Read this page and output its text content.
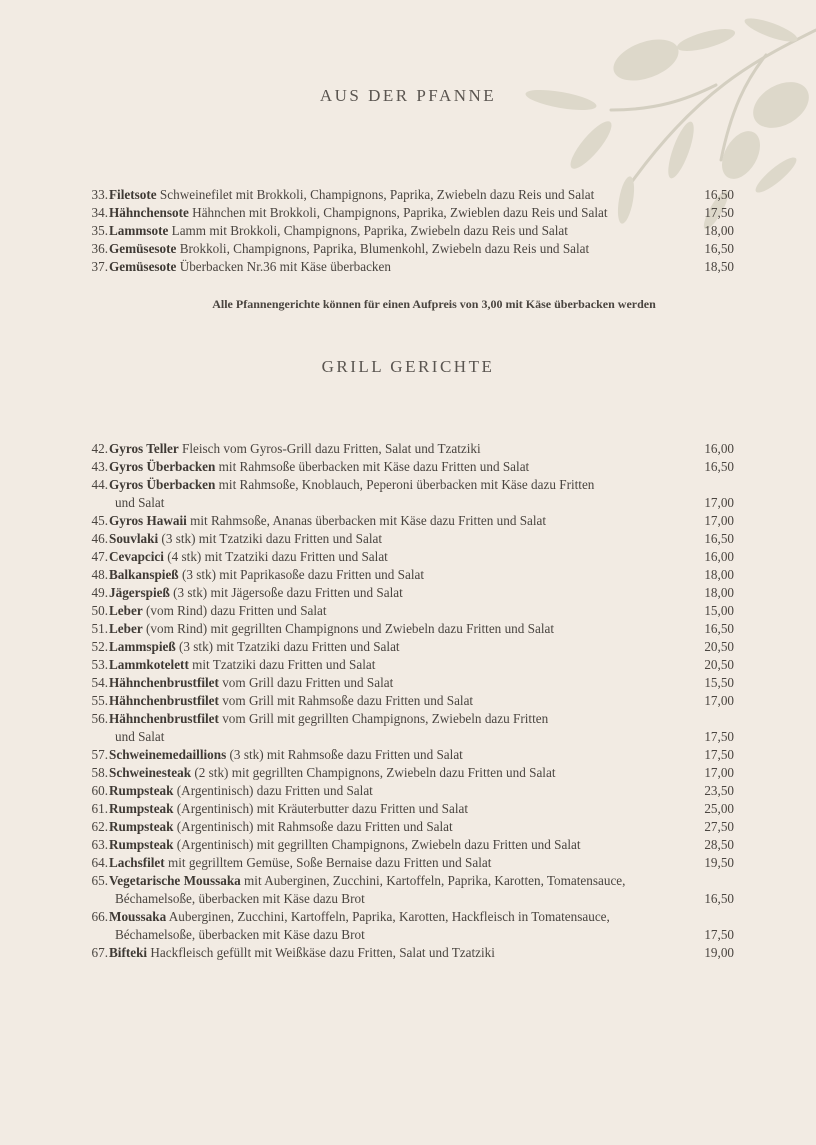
AUS DER PFANNE
33. Filetsote Schweinefilet mit Brokkoli, Champignons, Paprika, Zwiebeln dazu Reis und Salat	16,50
34. Hähnchensote Hähnchen mit Brokkoli, Champignons, Paprika, Zwieblen dazu Reis und Salat	17,50
35. Lammsote Lamm mit Brokkoli, Champignons, Paprika, Zwiebeln dazu Reis und Salat	18,00
36. Gemüsesote Brokkoli, Champignons, Paprika, Blumenkohl, Zwiebeln dazu Reis und Salat	16,50
37. Gemüsesote Überbacken Nr.36 mit Käse überbacken	18,50
Alle Pfannengerichte können für einen Aufpreis von 3,00 mit Käse überbacken werden
GRILL GERICHTE
42. Gyros Teller Fleisch vom Gyros-Grill dazu Fritten, Salat und Tzatziki	16,00
43. Gyros Überbacken mit Rahmsoße überbacken mit Käse dazu Fritten und Salat	16,50
44. Gyros Überbacken mit Rahmsoße, Knoblauch, Peperoni überbacken mit Käse dazu Fritten
und Salat	17,00
45. Gyros Hawaii mit Rahmsoße, Ananas überbacken mit Käse dazu Fritten und Salat	17,00
46. Souvlaki (3 stk) mit Tzatziki dazu Fritten und Salat	16,50
47. Cevapcici (4 stk) mit Tzatziki dazu Fritten und Salat	16,00
48. Balkanspieß (3 stk) mit Paprikasoße dazu Fritten und Salat	18,00
49. Jägerspieß (3 stk) mit Jägersoße dazu Fritten und Salat	18,00
50. Leber (vom Rind) dazu Fritten und Salat	15,00
51. Leber (vom Rind) mit gegrillten Champignons und Zwiebeln dazu Fritten und Salat	16,50
52. Lammspieß (3 stk) mit Tzatziki dazu Fritten und Salat	20,50
53. Lammkotelett mit Tzatziki dazu Fritten und Salat	20,50
54. Hähnchenbrustfilet vom Grill dazu Fritten und Salat	15,50
55. Hähnchenbrustfilet vom Grill mit Rahmsoße dazu Fritten und Salat	17,00
56. Hähnchenbrustfilet vom Grill mit gegrillten Champignons, Zwiebeln dazu Fritten
und Salat	17,50
57. Schweinemedaillions (3 stk) mit Rahmsoße dazu Fritten und Salat	17,50
58. Schweinesteak (2 stk) mit gegrillten Champignons, Zwiebeln dazu Fritten und Salat	17,00
60. Rumpsteak (Argentinisch) dazu Fritten und Salat	23,50
61. Rumpsteak (Argentinisch) mit Kräuterbutter dazu Fritten und Salat	25,00
62. Rumpsteak (Argentinisch) mit Rahmsoße dazu Fritten und Salat	27,50
63. Rumpsteak (Argentinisch) mit gegrillten Champignons, Zwiebeln dazu Fritten und Salat	28,50
64. Lachsfilet mit gegrilltem Gemüse, Soße Bernaise dazu Fritten und Salat	19,50
65. Vegetarische Moussaka mit Auberginen, Zucchini, Kartoffeln, Paprika, Karotten, Tomatensauce,
Béchamelsoße, überbacken mit Käse dazu Brot	16,50
66. Moussaka Auberginen, Zucchini, Kartoffeln, Paprika, Karotten, Hackfleisch in Tomatensauce,
Béchamelsoße, überbacken mit Käse dazu Brot	17,50
67. Bifteki Hackfleisch gefüllt mit Weißkäse dazu Fritten, Salat und Tzatziki	19,00
